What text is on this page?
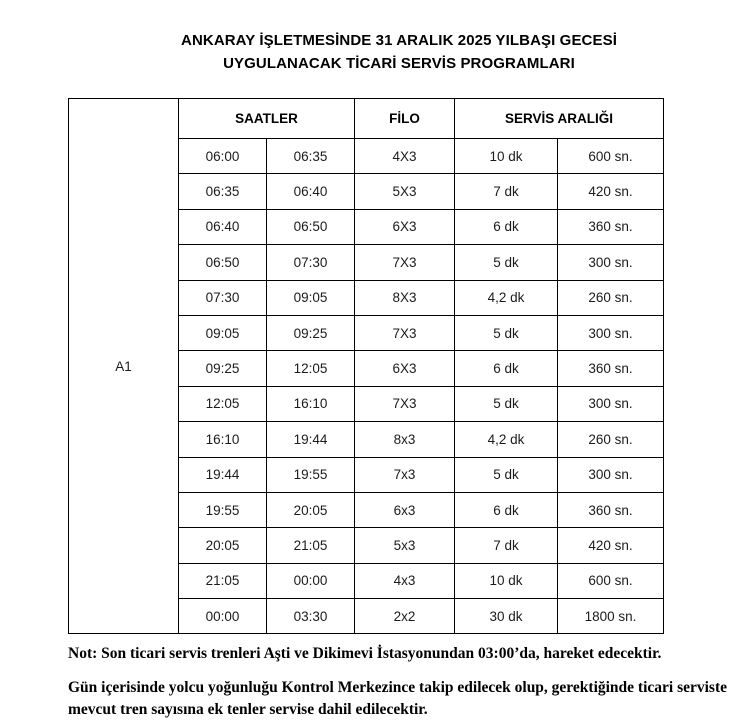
ANKARAY İŞLETMESİNDE 31 ARALIK 2025 YILBAŞI GECESİ
UYGULANACAK TİCARİ SERVİS PROGRAMLARI
A1	SAATLER		FİLO	SERVİS ARALIĞI	
	06:00	06:35	4X3	10 dk	600 sn.
	06:35	06:40	5X3	7 dk	420 sn.
	06:40	06:50	6X3	6 dk	360 sn.
	06:50	07:30	7X3	5 dk	300 sn.
	07:30	09:05	8X3	4,2 dk	260 sn.
	09:05	09:25	7X3	5 dk	300 sn.
	09:25	12:05	6X3	6 dk	360 sn.
	12:05	16:10	7X3	5 dk	300 sn.
	16:10	19:44	8x3	4,2 dk	260 sn.
	19:44	19:55	7x3	5 dk	300 sn.
	19:55	20:05	6x3	6 dk	360 sn.
	20:05	21:05	5x3	7 dk	420 sn.
	21:05	00:00	4x3	10 dk	600 sn.
	00:00	03:30	2x2	30 dk	1800 sn.

Not: Son ticari servis trenleri Aşti ve Dikimevi İstasyonundan 03:00’da, hareket edecektir.

Gün içerisinde yolcu yoğunluğu Kontrol Merkezince takip edilecek olup, gerektiğinde ticari serviste mevcut tren sayısına ek tenler servise dahil edilecektir.
